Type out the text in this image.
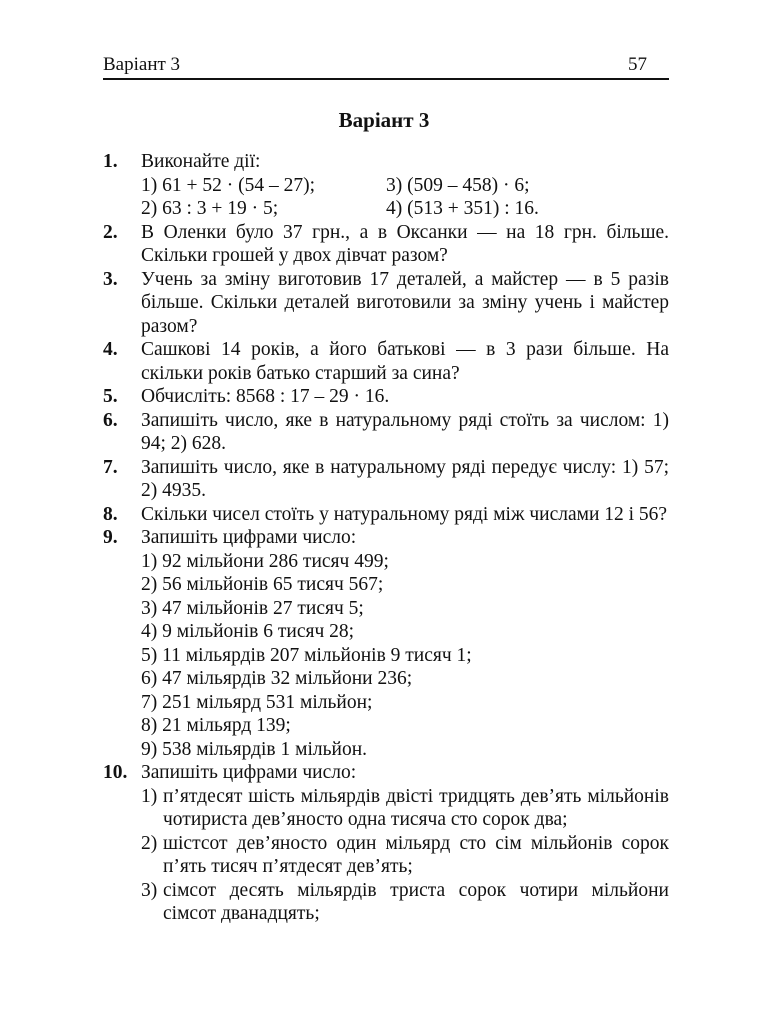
Варіант 3	57
Варіант 3
1. Виконайте дії:
1) 61 + 52 · (54 – 27);	3) (509 – 458) · 6;
2) 63 : 3 + 19 · 5;	4) (513 + 351) : 16.
2. В Оленки було 37 грн., а в Оксанки — на 18 грн. більше. Скільки грошей у двох дівчат разом?
3. Учень за зміну виготовив 17 деталей, а майстер — в 5 разів більше. Скільки деталей виготовили за зміну учень і майстер разом?
4. Сашкові 14 років, а його батькові — в 3 рази більше. На скільки років батько старший за сина?
5. Обчисліть: 8568 : 17 – 29 · 16.
6. Запишіть число, яке в натуральному ряді стоїть за числом: 1) 94; 2) 628.
7. Запишіть число, яке в натуральному ряді передує числу: 1) 57; 2) 4935.
8. Скільки чисел стоїть у натуральному ряді між числами 12 і 56?
9. Запишіть цифрами число:
1) 92 мільйони 286 тисяч 499;
2) 56 мільйонів 65 тисяч 567;
3) 47 мільйонів 27 тисяч 5;
4) 9 мільйонів 6 тисяч 28;
5) 11 мільярдів 207 мільйонів 9 тисяч 1;
6) 47 мільярдів 32 мільйони 236;
7) 251 мільярд 531 мільйон;
8) 21 мільярд 139;
9) 538 мільярдів 1 мільйон.
10. Запишіть цифрами число:
1) п’ятдесят шість мільярдів двісті тридцять дев’ять мільйонів чотириста дев’яносто одна тисяча сто сорок два;
2) шістсот дев’яносто один мільярд сто сім мільйонів сорок п’ять тисяч п’ятдесят дев’ять;
3) сімсот десять мільярдів триста сорок чотири мільйони сімсот дванадцять;
